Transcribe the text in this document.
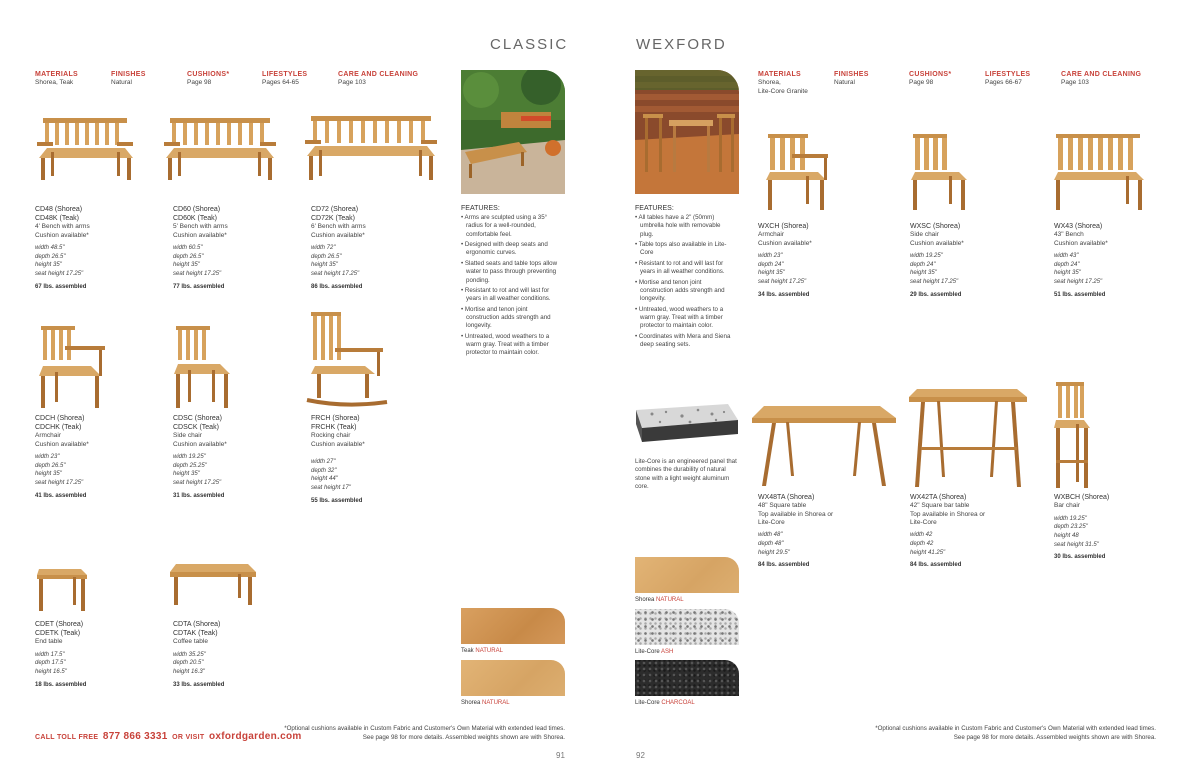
CLASSIC
MATERIALS
Shorea, Teak
FINISHES
Natural
CUSHIONS*
Page 98
LIFESTYLES
Pages 64-65
CARE AND CLEANING
Page 103
CD48 (Shorea)
CD48K (Teak)
4' Bench with arms
Cushion available*
width 48.5"
depth 26.5"
height 35"
seat height 17.25"
67 lbs. assembled
CD60 (Shorea)
CD60K (Teak)
5' Bench with arms
Cushion available*
width 60.5"
depth 26.5"
height 35"
seat height 17.25"
77 lbs. assembled
CD72 (Shorea)
CD72K (Teak)
6' Bench with arms
Cushion available*
width 72"
depth 26.5"
height 35"
seat height 17.25"
86 lbs. assembled
CDCH (Shorea)
CDCHK (Teak)
Armchair
Cushion available*
width 23"
depth 26.5"
height 35"
seat height 17.25"
41 lbs. assembled
CDSC (Shorea)
CDSCK (Teak)
Side chair
Cushion available*
width 19.25"
depth 25.25"
height 35"
seat height 17.25"
31 lbs. assembled
FRCH (Shorea)
FRCHK (Teak)
Rocking chair
Cushion available*
width 27"
depth 32"
height 44"
seat height 17"
55 lbs. assembled
CDET (Shorea)
CDETK (Teak)
End table
width 17.5"
depth 17.5"
height 16.5"
18 lbs. assembled
CDTA (Shorea)
CDTAK (Teak)
Coffee table
width 35.25"
depth 20.5"
height 16.3"
33 lbs. assembled
FEATURES:
• Arms are sculpted using a 35° radius for a well-rounded, comfortable feel.
• Designed with deep seats and ergonomic curves.
• Slatted seats and table tops allow water to pass through preventing ponding.
• Resistant to rot and will last for years in all weather conditions.
• Mortise and tenon joint construction adds strength and longevity.
• Untreated, wood weathers to a warm gray. Treat with a timber protector to maintain color.
Teak NATURAL
Shorea NATURAL
CALL TOLL FREE 877 866 3331 OR VISIT oxfordgarden.com
*Optional cushions available in Custom Fabric and Customer's Own Material with extended lead times.
See page 98 for more details. Assembled weights shown are with Shorea.
91
WEXFORD
MATERIALS
Shorea,
Lite-Core Granite
FINISHES
Natural
CUSHIONS*
Page 98
LIFESTYLES
Pages 66-67
CARE AND CLEANING
Page 103
FEATURES:
• All tables have a 2" (50mm) umbrella hole with removable plug.
• Table tops also available in Lite-Core
• Resistant to rot and will last for years in all weather conditions.
• Mortise and tenon joint construction adds strength and longevity.
• Untreated, wood weathers to a warm gray. Treat with a timber protector to maintain color.
• Coordinates with Mera and Siena deep seating sets.
Lite-Core is an engineered panel that combines the durability of natural stone with a light weight aluminum core.
WXCH (Shorea)
Armchair
Cushion available*
width 23"
depth 24"
height 35"
seat height 17.25"
34 lbs. assembled
WXSC (Shorea)
Side chair
Cushion available*
width 19.25"
depth 24"
height 35"
seat height 17.25"
29 lbs. assembled
WX43 (Shorea)
43" Bench
Cushion available*
width 43"
depth 24"
height 35"
seat height 17.25"
51 lbs. assembled
WX48TA (Shorea)
48" Square table
Top available in Shorea or Lite-Core
width 48"
depth 48"
height 29.5"
84 lbs. assembled
WX42TA (Shorea)
42" Square bar table
Top available in Shorea or Lite-Core
width 42
depth 42
height 41.25"
84 lbs. assembled
WXBCH (Shorea)
Bar chair
width 19.25"
depth 23.25"
height 48
seat height 31.5"
30 lbs. assembled
Shorea NATURAL
Lite-Core ASH
Lite-Core CHARCOAL
*Optional cushions available in Custom Fabric and Customer's Own Material with extended lead times.
See page 98 for more details. Assembled weights shown are with Shorea.
92
